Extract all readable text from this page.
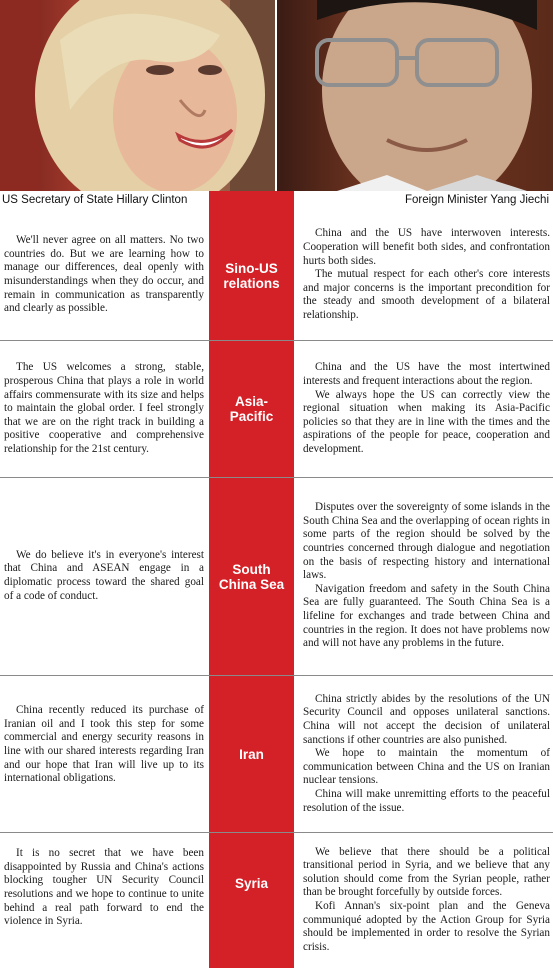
US Secretary of State Hillary Clinton	Foreign Minister Yang Jiechi
Sino-US
relations

We'll never agree on all matters. No two countries do. But we are learning how to manage our differences, deal openly with misunderstandings when they do occur, and remain in communication as transparently and clearly as possible.

China and the US have interwoven interests. Cooperation will benefit both sides, and confrontation hurts both sides.

The mutual respect for each other's core interests and major concerns is the important precondition for the steady and smooth development of a bilateral relationship.

Asia-
Pacific

The US welcomes a strong, stable, prosperous China that plays a role in world affairs commensurate with its size and helps to maintain the global order. I feel strongly that we are on the right track in building a positive cooperative and comprehensive relationship for the 21st century.

China and the US have the most intertwined interests and frequent interactions about the region.

We always hope the US can correctly view the regional situation when making its Asia-Pacific policies so that they are in line with the times and the aspirations of the people for peace, cooperation and development.

South
China Sea

We do believe it's in everyone's interest that China and ASEAN engage in a diplomatic process toward the shared goal of a code of conduct.

Disputes over the sovereignty of some islands in the South China Sea and the overlapping of ocean rights in some parts of the region should be solved by the countries concerned through dialogue and negotiation on the basis of respecting history and international laws.

Navigation freedom and safety in the South China Sea are fully guaranteed. The South China Sea is a lifeline for exchanges and trade between China and countries in the region. It does not have problems now and will not have any problems in the future.

Iran

China recently reduced its purchase of Iranian oil and I took this step for some commercial and energy security reasons in line with our shared interests regarding Iran and our hope that Iran will live up to its international obligations.

China strictly abides by the resolutions of the UN Security Council and opposes unilateral sanctions. China will not accept the decision of unilateral sanctions if other countries are also punished.

We hope to maintain the momentum of communication between China and the US on Iranian nuclear tensions.

China will make unremitting efforts to the peaceful resolution of the issue.

Syria

It is no secret that we have been disappointed by Russia and China's actions blocking tougher UN Security Council resolutions and we hope to continue to unite behind a real path forward to end the violence in Syria.

We believe that there should be a political transitional period in Syria, and we believe that any solution should come from the Syrian people, rather than be brought forcefully by outside forces.

Kofi Annan's six-point plan and the Geneva communiqué adopted by the Action Group for Syria should be implemented in order to resolve the Syrian crisis.
